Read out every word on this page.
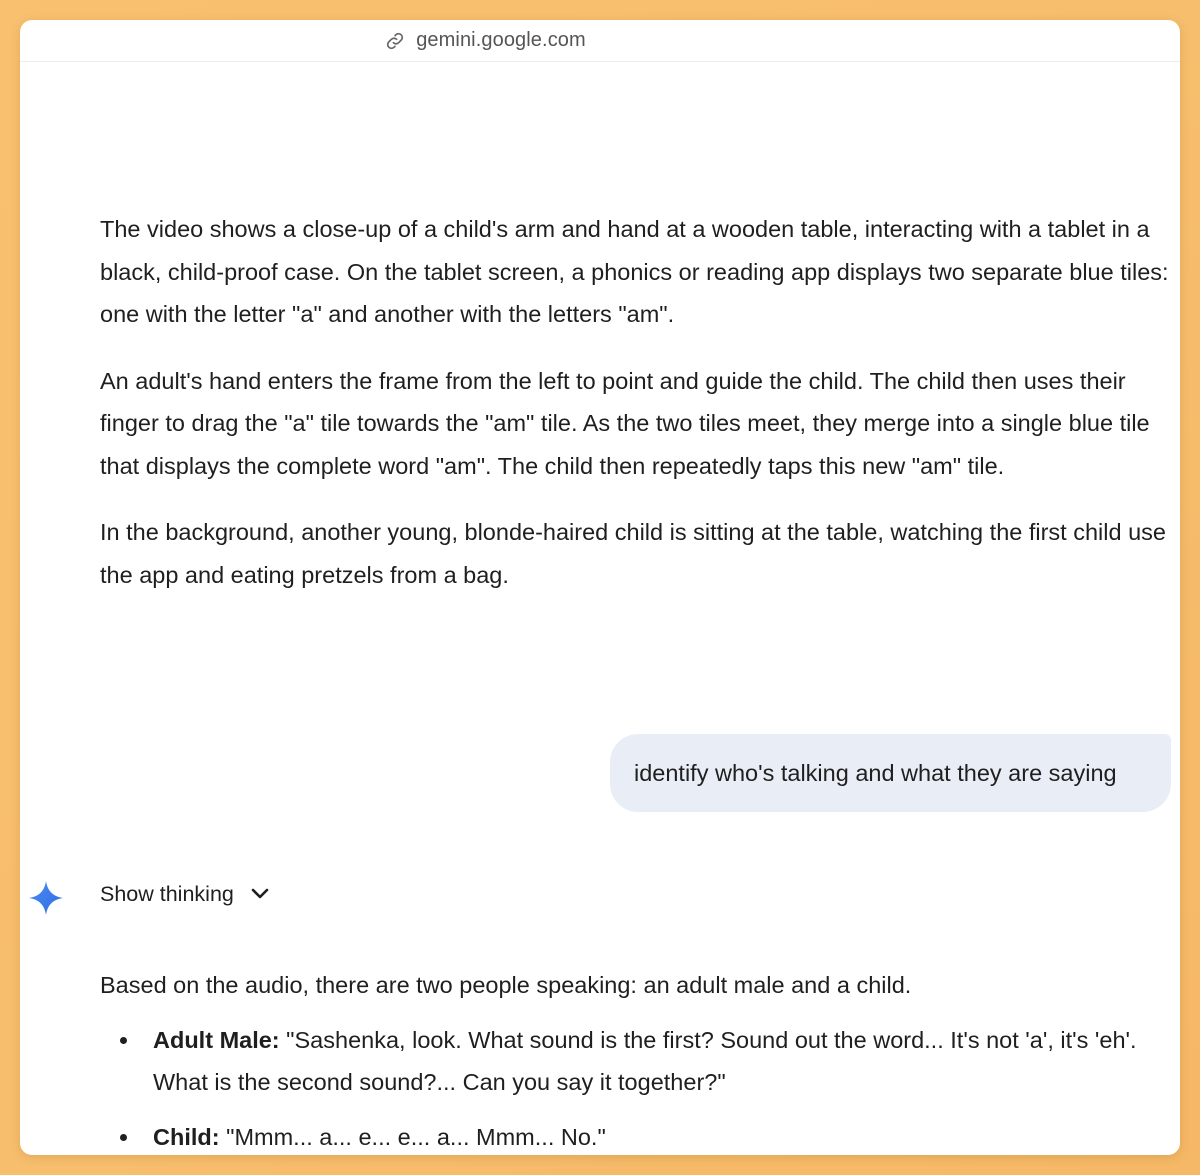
gemini.google.com

The video shows a close-up of a child's arm and hand at a wooden table, interacting with a tablet in a black, child-proof case. On the tablet screen, a phonics or reading app displays two separate blue tiles: one with the letter "a" and another with the letters "am".

An adult's hand enters the frame from the left to point and guide the child. The child then uses their finger to drag the "a" tile towards the "am" tile. As the two tiles meet, they merge into a single blue tile that displays the complete word "am". The child then repeatedly taps this new "am" tile.

In the background, another young, blonde-haired child is sitting at the table, watching the first child use the app and eating pretzels from a bag.

identify who's talking and what they are saying
Show thinking

Based on the audio, there are two people speaking: an adult male and a child.

Adult Male: "Sashenka, look. What sound is the first? Sound out the word... It's not 'a', it's 'eh'. What is the second sound?... Can you say it together?"
Child: "Mmm... a... e... e... a... Mmm... No."
